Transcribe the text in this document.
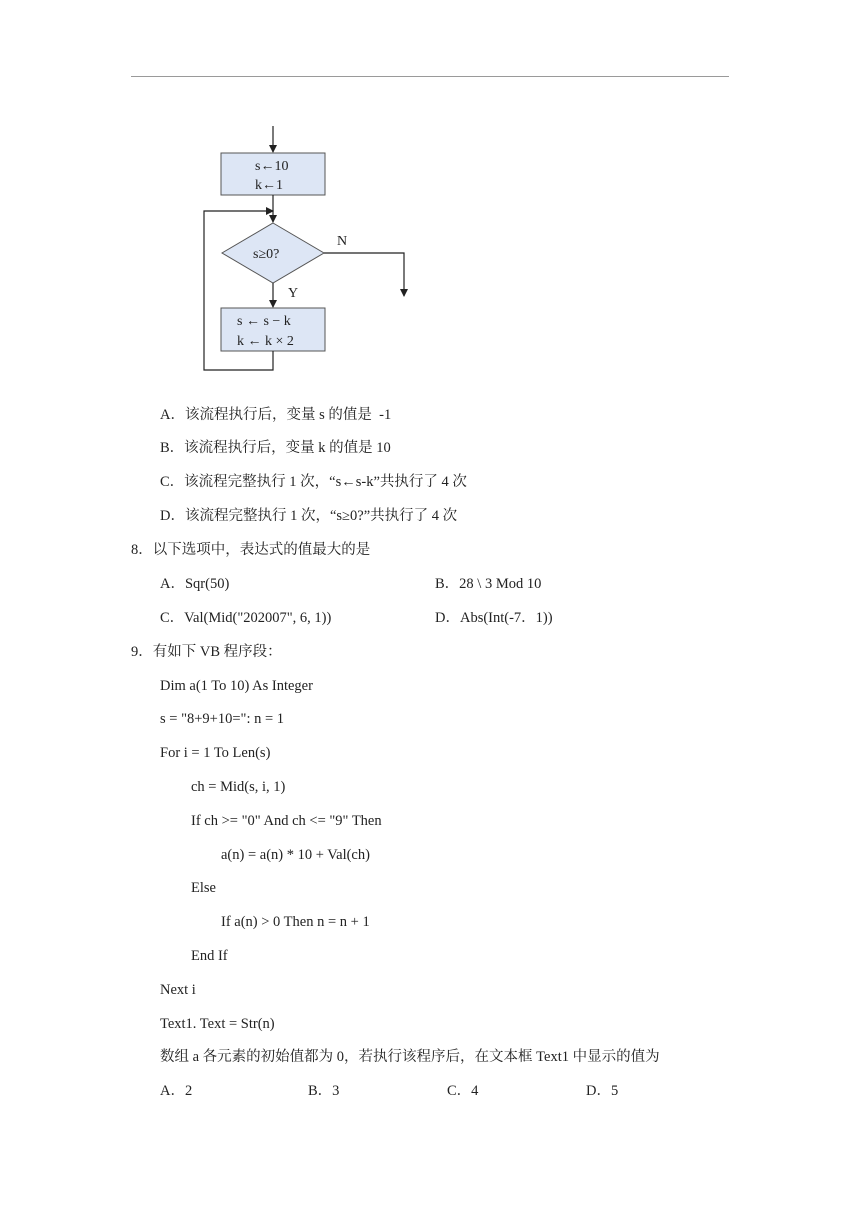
s←10
k←1
s≥0?
N
Y
s ← s − k
k ← k × 2
A．该流程执行后，变量 s 的值是  -1
B．该流程执行后，变量 k 的值是 10
C．该流程完整执行 1 次，“s←s-k”共执行了 4 次
D．该流程完整执行 1 次，“s≥0?”共执行了 4 次
8．以下选项中，表达式的值最大的是
A．Sqr(50)	B．28 \ 3 Mod 10
C．Val(Mid("202007", 6, 1))	D．Abs(Int(-7．1))
9．有如下 VB 程序段：
Dim a(1 To 10) As Integer
s = "8+9+10=": n = 1
For i = 1 To Len(s)
ch = Mid(s, i, 1)
If ch >= "0" And ch <= "9" Then
a(n) = a(n) * 10 + Val(ch)
Else
If a(n) > 0 Then n = n + 1
End If
Next i
Text1. Text = Str(n)
数组 a 各元素的初始值都为 0，若执行该程序后，在文本框 Text1 中显示的值为
A．2	B．3	C．4	D．5
